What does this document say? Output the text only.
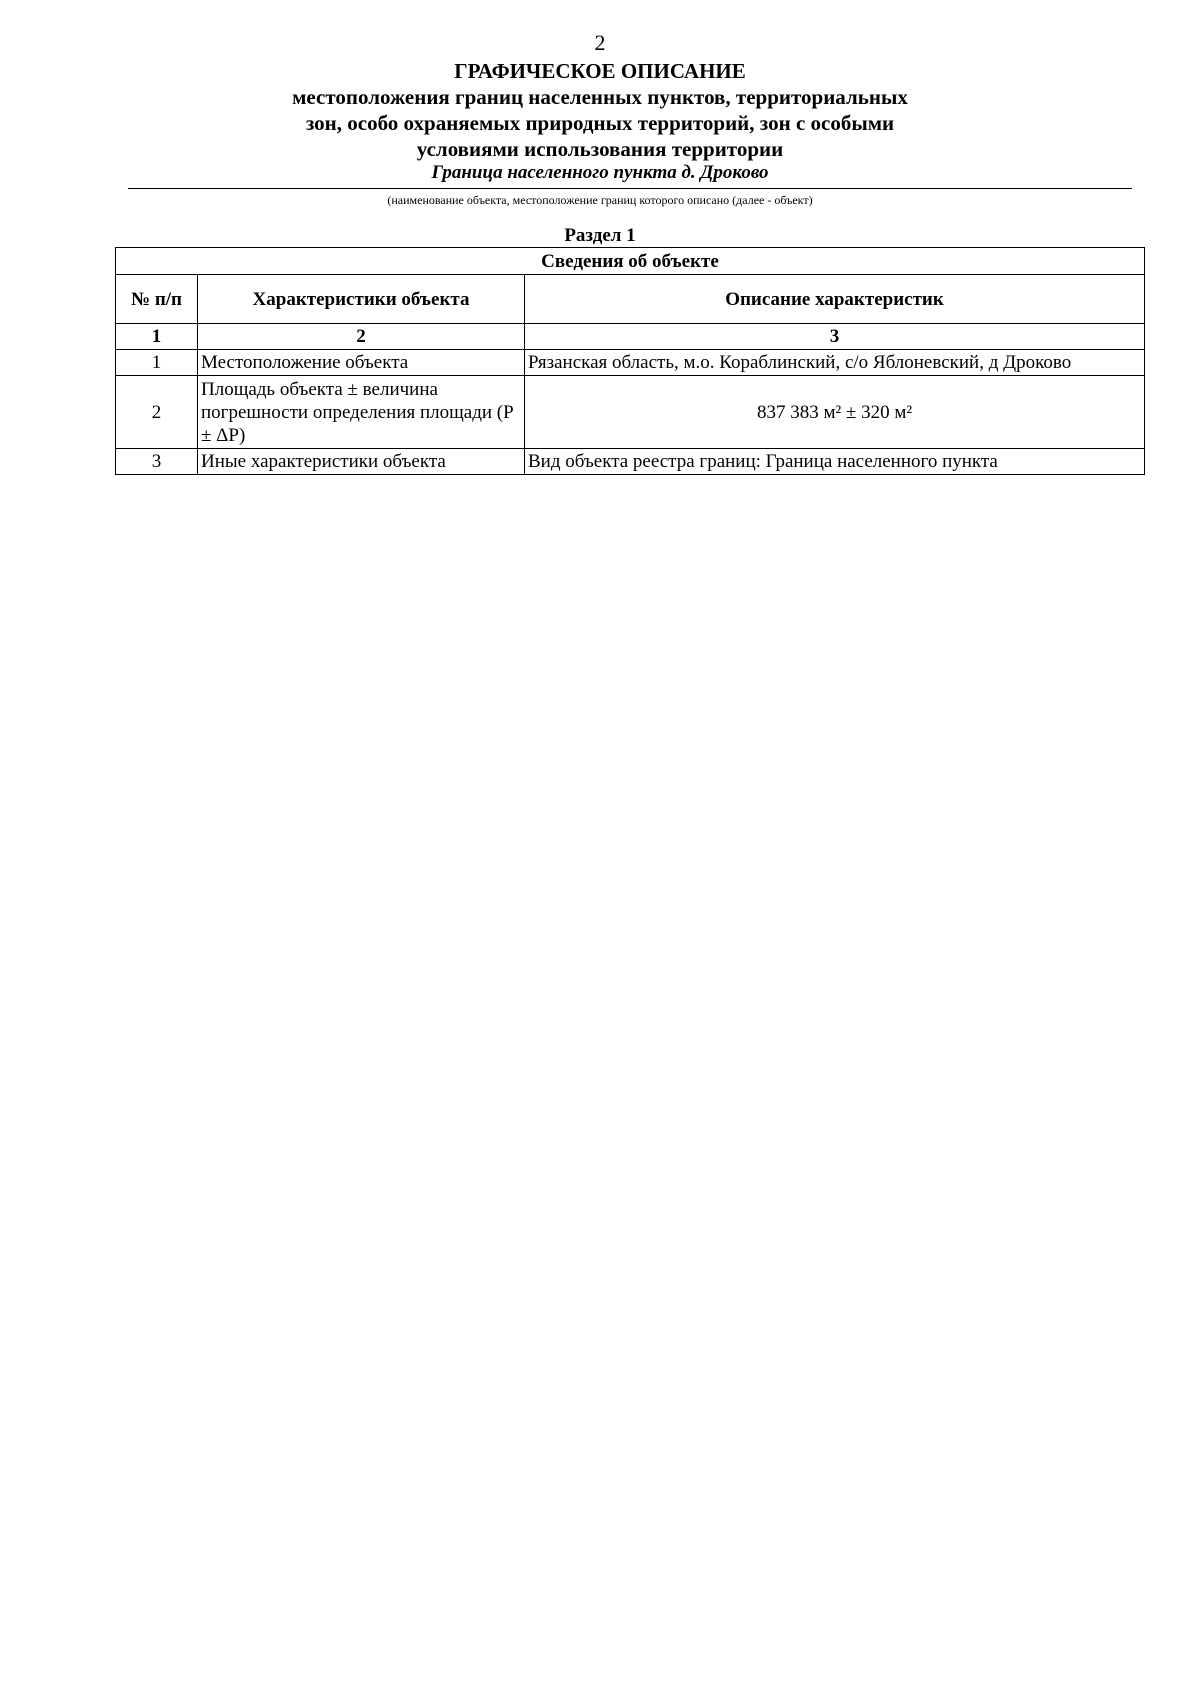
2
ГРАФИЧЕСКОЕ ОПИСАНИЕ
местоположения границ населенных пунктов, территориальных
зон, особо охраняемых природных территорий, зон с особыми
условиями использования территории
Граница населенного пункта д. Дроково
(наименование объекта, местоположение границ которого описано (далее - объект)
Раздел 1
Сведения об объекте		
№ п/п	Характеристики объекта	Описание характеристик
1	2	3
1	Местоположение объекта	Рязанская область, м.о. Кораблинский, с/о Яблоневский, д Дроково
2	Площадь объекта ± величина погрешности определения площади (P ± ΔP)	837 383 м² ± 320 м²
3	Иные характеристики объекта	Вид объекта реестра границ: Граница населенного пункта
